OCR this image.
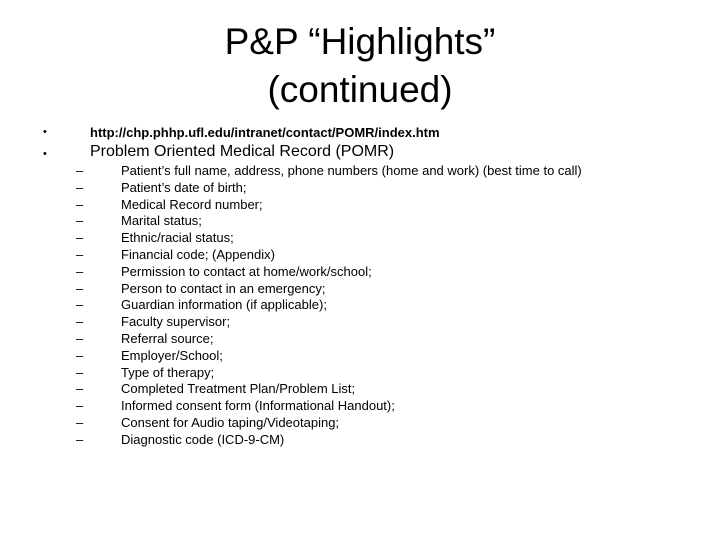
P&P “Highlights”
(continued)
•	http://chp.phhp.ufl.edu/intranet/contact/POMR/index.htm
•	Problem Oriented Medical Record (POMR)
–	Patient’s full name, address, phone numbers (home and work) (best time to call)
–	Patient’s date of birth;
–	Medical Record number;
–	Marital status;
–	Ethnic/racial status;
–	Financial code; (Appendix)
–	Permission to contact at home/work/school;
–	Person to contact in an emergency;
–	Guardian information (if applicable);
–	Faculty supervisor;
–	Referral source;
–	Employer/School;
–	Type of therapy;
–	Completed Treatment Plan/Problem List;
–	Informed consent form (Informational Handout);
–	Consent for Audio taping/Videotaping;
–	Diagnostic code (ICD-9-CM)
